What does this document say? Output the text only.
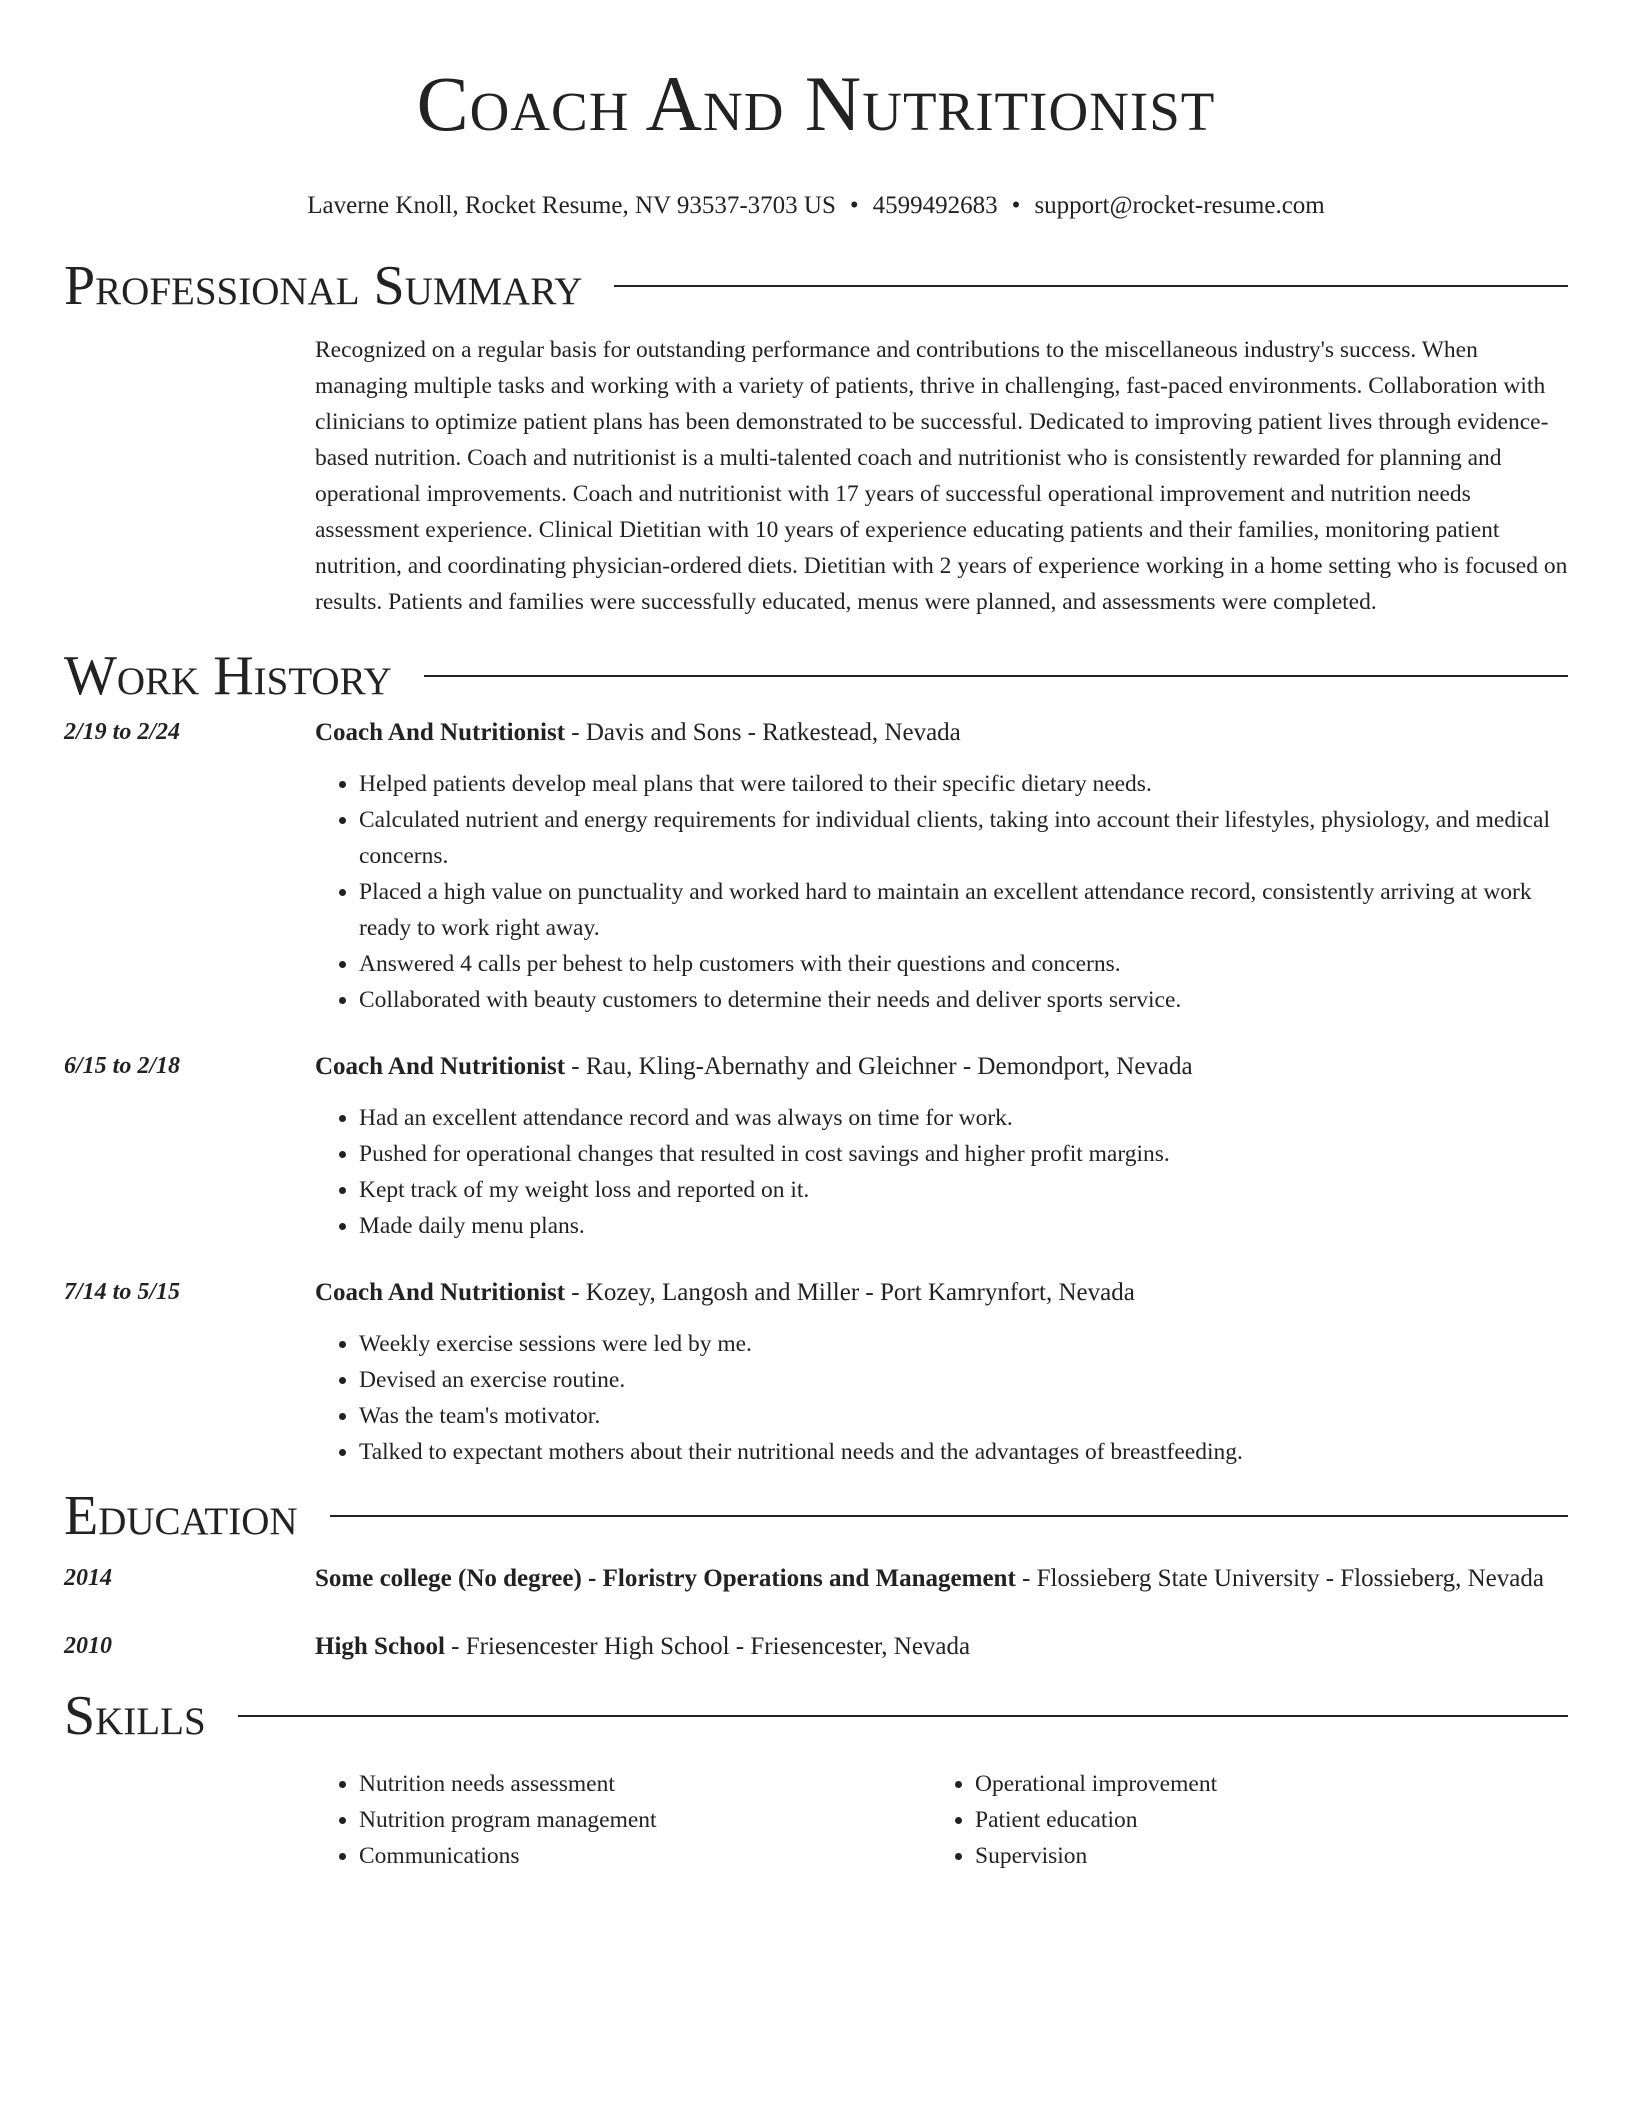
Coach And Nutritionist
Laverne Knoll, Rocket Resume, NV 93537-3703 US • 4599492683 • support@rocket-resume.com
Professional Summary
Recognized on a regular basis for outstanding performance and contributions to the miscellaneous industry's success. When managing multiple tasks and working with a variety of patients, thrive in challenging, fast-paced environments. Collaboration with clinicians to optimize patient plans has been demonstrated to be successful. Dedicated to improving patient lives through evidence-based nutrition. Coach and nutritionist is a multi-talented coach and nutritionist who is consistently rewarded for planning and operational improvements. Coach and nutritionist with 17 years of successful operational improvement and nutrition needs assessment experience. Clinical Dietitian with 10 years of experience educating patients and their families, monitoring patient nutrition, and coordinating physician-ordered diets. Dietitian with 2 years of experience working in a home setting who is focused on results. Patients and families were successfully educated, menus were planned, and assessments were completed.
Work History
2/19 to 2/24	Coach And Nutritionist - Davis and Sons - Ratkestead, Nevada
• Helped patients develop meal plans that were tailored to their specific dietary needs.
• Calculated nutrient and energy requirements for individual clients, taking into account their lifestyles, physiology, and medical concerns.
• Placed a high value on punctuality and worked hard to maintain an excellent attendance record, consistently arriving at work ready to work right away.
• Answered 4 calls per behest to help customers with their questions and concerns.
• Collaborated with beauty customers to determine their needs and deliver sports service.
6/15 to 2/18	Coach And Nutritionist - Rau, Kling-Abernathy and Gleichner - Demondport, Nevada
• Had an excellent attendance record and was always on time for work.
• Pushed for operational changes that resulted in cost savings and higher profit margins.
• Kept track of my weight loss and reported on it.
• Made daily menu plans.
7/14 to 5/15	Coach And Nutritionist - Kozey, Langosh and Miller - Port Kamrynfort, Nevada
• Weekly exercise sessions were led by me.
• Devised an exercise routine.
• Was the team's motivator.
• Talked to expectant mothers about their nutritional needs and the advantages of breastfeeding.
Education
2014	Some college (No degree) - Floristry Operations and Management - Flossieberg State University - Flossieberg, Nevada
2010	High School - Friesencester High School - Friesencester, Nevada
Skills
• Nutrition needs assessment
• Nutrition program management
• Communications
• Operational improvement
• Patient education
• Supervision
